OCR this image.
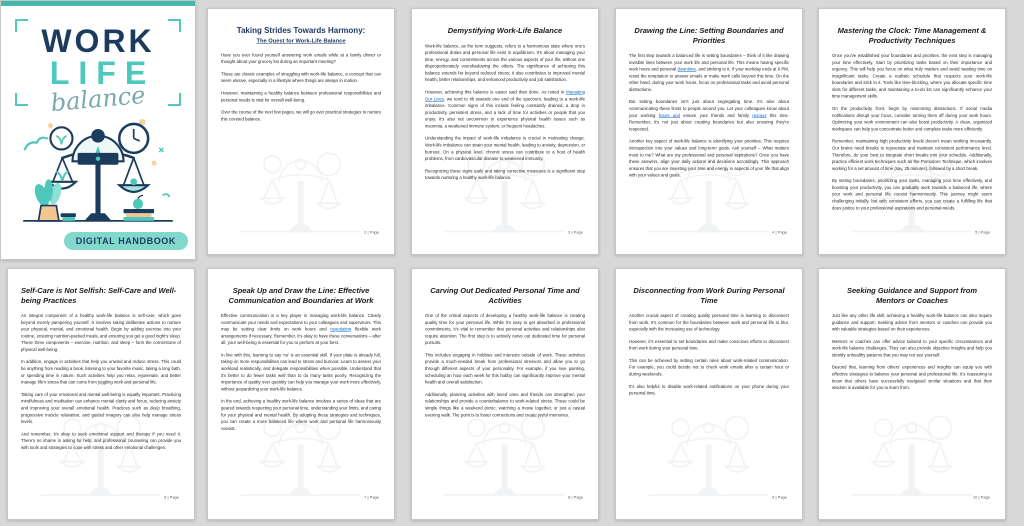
WORK
LIFE
balance
DIGITAL HANDBOOK
Taking Strides Towards Harmony:
The Quest for Work-Life Balance
Have you ever found yourself answering work emails while at a family dinner or thought about your grocery list during an important meeting?
These are classic examples of struggling with work-life balance, a concept that can seem elusive, especially in a lifestyle where things are always in motion.
However, maintaining a healthy balance between professional responsibilities and personal needs is vital for overall well-being.
Over the course of the next few pages, we will go over practical strategies to nurture this coveted balance.
2 | Page
Demystifying Work-Life Balance
Work-life balance, as the term suggests, refers to a harmonious state where one's professional duties and personal life exist in equilibrium. It's about managing your time, energy, and commitments across the various aspects of your life, without one disproportionately overshadowing the others. The significance of achieving this balance extends far beyond reduced stress; it also contributes to improved mental health, better relationships, and enhanced productivity and job satisfaction.
However, achieving this balance is easier said than done. As noted in Managing Our Lives, we tend to tilt towards one end of the spectrum, leading to a work-life imbalance. Common signs of this include feeling constantly drained, a drop in productivity, persistent stress, and a lack of time for activities or people that you enjoy. It's also not uncommon to experience physical health issues such as insomnia, a weakened immune system, or frequent headaches.
Understanding the impact of work-life imbalance is crucial in motivating change. Work-life imbalance can strain your mental health, leading to anxiety, depression, or burnout. On a physical level, chronic stress can contribute to a host of health problems, from cardiovascular disease to weakened immunity.
Recognizing these signs early and taking corrective measures is a significant step towards nurturing a healthy work-life balance.
3 | Page
Drawing the Line: Setting Boundaries and Priorities
The first step towards a balanced life is setting boundaries – think of it like drawing invisible lines between your work life and personal life. This means having specific work hours and personal downtime, and sticking to it. If your workday ends at 6 PM, resist the temptation to answer emails or make work calls beyond this time. On the other hand, during your work hours, focus on professional tasks and avoid personal distractions.
But setting boundaries isn't just about segregating time. It's also about communicating these limits to people around you. Let your colleagues know about your working hours and ensure your friends and family respect this time. Remember, it's not just about creating boundaries but also ensuring they're respected.
Another key aspect of work-life balance is identifying your priorities. This requires introspection into your values and long-term goals. Ask yourself – What matters most to me? What are my professional and personal aspirations? Once you have these answers, align your daily actions and decisions accordingly. This approach ensures that you are investing your time and energy in aspects of your life that align with your values and goals.
4 | Page
Mastering the Clock: Time Management & Productivity Techniques
Once you've established your boundaries and priorities, the next step is managing your time effectively. Start by prioritizing tasks based on their importance and urgency. This will help you focus on what truly matters and avoid wasting time on insignificant tasks. Create a realistic schedule that respects your work-life boundaries and stick to it. Tools like time-blocking, where you allocate specific time slots for different tasks, and maintaining a to-do list can significantly enhance your time management skills.
On the productivity front, begin by minimizing distractions. If social media notifications disrupt your focus, consider turning them off during your work hours. Optimizing your work environment can also boost productivity. A clean, organized workspace can help you concentrate better and complete tasks more efficiently.
Remember, maintaining high productivity levels doesn't mean working incessantly. Our brains need breaks to rejuvenate and maintain consistent performance level. Therefore, do your best to integrate short breaks into your schedule. Additionally, practice efficient work techniques such as the Pomodoro Technique, which involves working for a set amount of time (say, 25 minutes), followed by a short break.
By setting boundaries, prioritizing your tasks, managing your time effectively, and boosting your productivity, you can gradually work towards a balanced life, where your work and personal life coexist harmoniously. This journey might seem challenging initially, but with consistent efforts, you can create a fulfilling life that does justice to your professional aspirations and personal needs.
5 | Page
Self-Care is Not Selfish: Self-Care and Well-being Practices
An integral component of a healthy work-life balance is self-care, which goes beyond merely pampering yourself. It involves taking deliberate actions to nurture your physical, mental, and emotional health. Begin by adding exercise into your routine, ensuring nutrition-packed meals, and ensuring you get a good night's sleep. These three components – exercise, nutrition, and sleep – form the cornerstone of physical well-being.
In addition, engage in activities that help you unwind and reduce stress. This could be anything from reading a book, listening to your favorite music, taking a long bath, or spending time in nature. Such activities help you relax, rejuvenate, and better manage life's stress that can come from juggling work and personal life.
Taking care of your emotional and mental well-being is equally important. Practicing mindfulness and meditation can enhance mental clarity and focus, reducing anxiety and improving your overall emotional health. Practices such as deep breathing, progressive muscle relaxation, and guided imagery can also help manage stress levels.
And remember, it's okay to seek emotional support and therapy if you need it. There's no shame in asking for help, and professional counseling can provide you with tools and strategies to cope with stress and other emotional challenges.
6 | Page
Speak Up and Draw the Line: Effective Communication and Boundaries at Work
Effective communication is a key player in managing work-life balance. Clearly communicate your needs and expectations to your colleagues and supervisors. This may be setting clear limits on work hours and negotiating flexible work arrangements if necessary. Remember, it's okay to have these conversations – after all, your well-being is essential for you to perform at your best.
In line with this, learning to say 'no' is an essential skill. If your plate is already full, taking on more responsibilities can lead to stress and burnout. Learn to assess your workload realistically, and delegate responsibilities when possible. Understand that it's better to do fewer tasks well than to do many tasks poorly. Recognizing the importance of quality over quantity can help you manage your work more effectively, without jeopardizing your work-life balance.
In the end, achieving a healthy work-life balance involves a series of ideas that are geared towards respecting your personal time, understanding your limits, and caring for your physical and mental health. By adopting these strategies and techniques, you can create a more balanced life where work and personal life harmoniously coexist.
7 | Page
Carving Out Dedicated Personal Time and Activities
One of the critical aspects of developing a healthy work-life balance is creating quality time for your personal life. While it's easy to get absorbed in professional commitments, it's vital to remember that personal activities and relationships also require attention. The first step is to actively carve out dedicated time for personal pursuits.
This includes engaging in hobbies and interests outside of work. These activities provide a much-needed break from professional stressors and allow you to go through different aspects of your personality. For example, if you love painting, scheduling an hour each week for this hobby can significantly improve your mental health and overall satisfaction.
Additionally, planning activities with loved ones and friends can strengthen your relationships and provide a counterbalance to work-related stress. These could be simple things like a weekend picnic, watching a movie together, or just a casual evening walk. The point is to foster connections and create joyful memories.
8 | Page
Disconnecting from Work During Personal Time
Another crucial aspect of creating quality personal time is learning to disconnect from work. It's common for the boundaries between work and personal life to blur, especially with the increasing use of technology.
However, it's essential to set boundaries and make conscious efforts to disconnect from work during your personal time.
This can be achieved by setting certain rules about work-related communication. For example, you could decide not to check work emails after a certain hour or during weekends.
It's also helpful to disable work-related notifications on your phone during your personal time.
9 | Page
Seeking Guidance and Support from Mentors or Coaches
Just like any other life skill, achieving a healthy work-life balance can also require guidance and support. Seeking advice from mentors or coaches can provide you with valuable strategies based on their experiences.
Mentors or coaches can offer advice tailored to your specific circumstances and work-life balance challenges. They can also provide objective insights and help you identify unhealthy patterns that you may not see yourself.
Beyond that, learning from others' experiences and insights can equip you with effective strategies to balance your personal and professional life. It's reassuring to know that others have successfully navigated similar situations and that their wisdom is available for you to learn from.
10 | Page
